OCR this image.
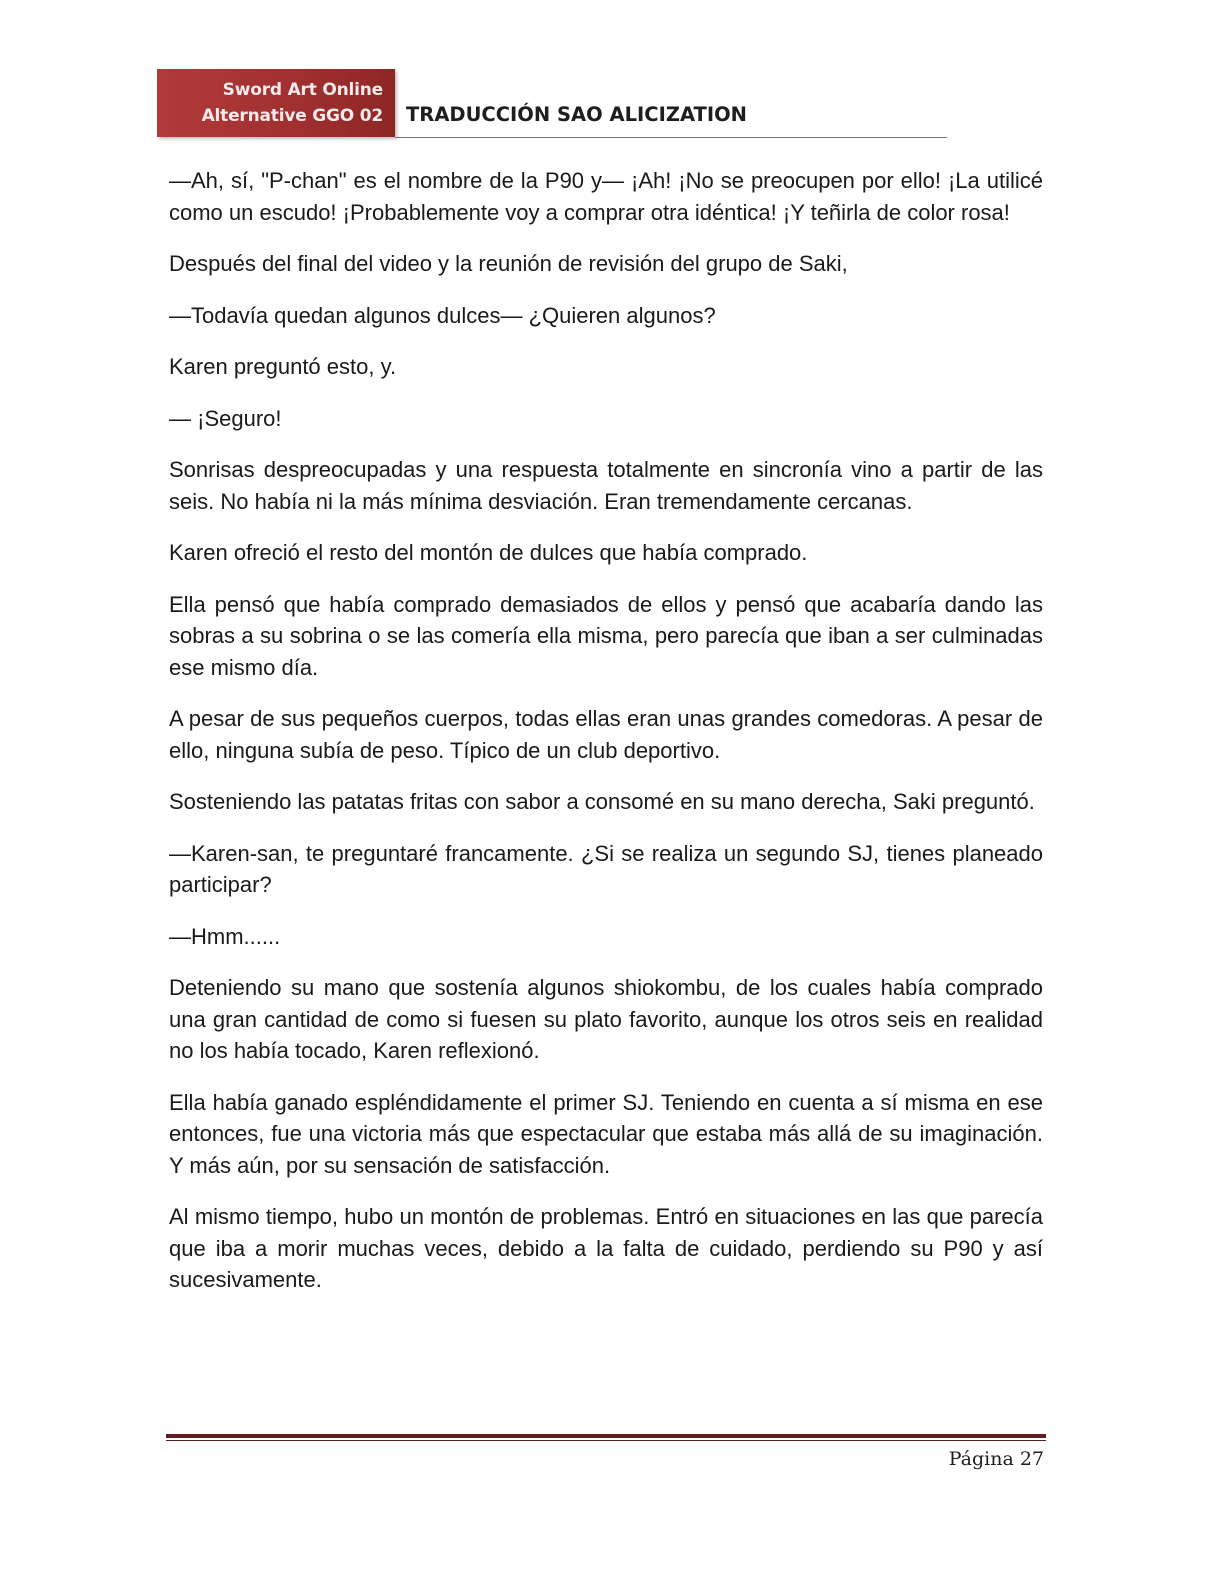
Sword Art Online
Alternative GGO 02 TRADUCCIÓN SAO ALICIZATION

—Ah, sí, "P-chan" es el nombre de la P90 y— ¡Ah! ¡No se preocupen por ello! ¡La utilicé como un escudo! ¡Probablemente voy a comprar otra idéntica! ¡Y teñirla de color rosa!

Después del final del video y la reunión de revisión del grupo de Saki,

—Todavía quedan algunos dulces— ¿Quieren algunos?

Karen preguntó esto, y.

— ¡Seguro!

Sonrisas despreocupadas y una respuesta totalmente en sincronía vino a partir de las seis. No había ni la más mínima desviación. Eran tremendamente cercanas.

Karen ofreció el resto del montón de dulces que había comprado.

Ella pensó que había comprado demasiados de ellos y pensó que acabaría dando las sobras a su sobrina o se las comería ella misma, pero parecía que iban a ser culminadas ese mismo día.

A pesar de sus pequeños cuerpos, todas ellas eran unas grandes comedoras. A pesar de ello, ninguna subía de peso. Típico de un club deportivo.

Sosteniendo las patatas fritas con sabor a consomé en su mano derecha, Saki preguntó.

—Karen-san, te preguntaré francamente. ¿Si se realiza un segundo SJ, tienes planeado participar?

—Hmm......

Deteniendo su mano que sostenía algunos shiokombu, de los cuales había comprado una gran cantidad de como si fuesen su plato favorito, aunque los otros seis en realidad no los había tocado, Karen reflexionó.

Ella había ganado espléndidamente el primer SJ. Teniendo en cuenta a sí misma en ese entonces, fue una victoria más que espectacular que estaba más allá de su imaginación. Y más aún, por su sensación de satisfacción.

Al mismo tiempo, hubo un montón de problemas. Entró en situaciones en las que parecía que iba a morir muchas veces, debido a la falta de cuidado, perdiendo su P90 y así sucesivamente.

Página 27
